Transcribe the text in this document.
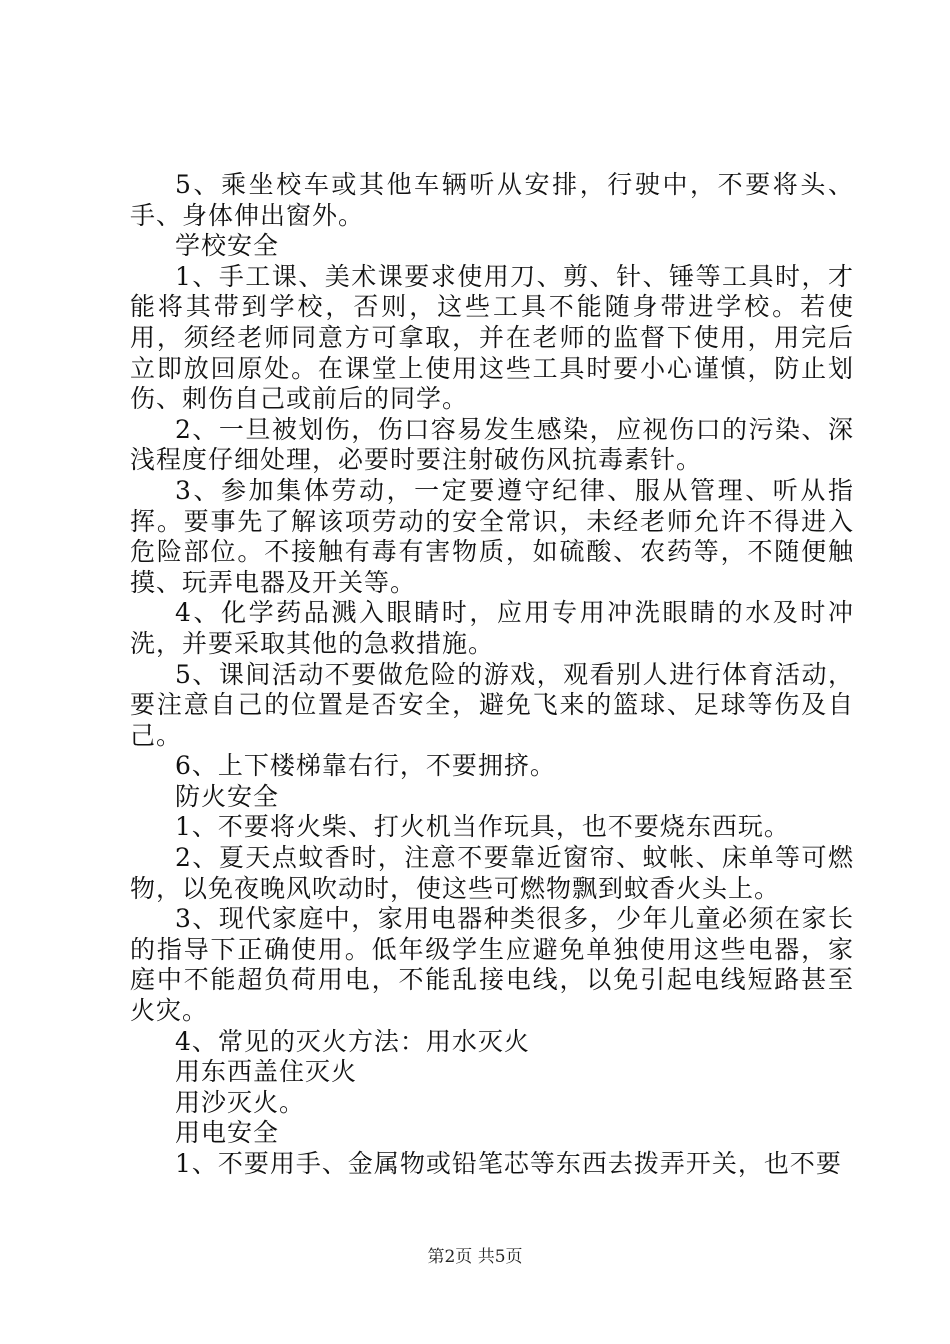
5、乘坐校车或其他车辆听从安排，行驶中，不要将头、手、身体伸出窗外。

学校安全

1、手工课、美术课要求使用刀、剪、针、锤等工具时，才能将其带到学校，否则，这些工具不能随身带进学校。若使用，须经老师同意方可拿取，并在老师的监督下使用，用完后立即放回原处。在课堂上使用这些工具时要小心谨慎，防止划伤、刺伤自己或前后的同学。

2、一旦被划伤，伤口容易发生感染，应视伤口的污染、深浅程度仔细处理，必要时要注射破伤风抗毒素针。

3、参加集体劳动，一定要遵守纪律、服从管理、听从指挥。要事先了解该项劳动的安全常识，未经老师允许不得进入危险部位。不接触有毒有害物质，如硫酸、农药等，不随便触摸、玩弄电器及开关等。

4、化学药品溅入眼睛时，应用专用冲洗眼睛的水及时冲洗，并要采取其他的急救措施。

5、课间活动不要做危险的游戏，观看别人进行体育活动，要注意自己的位置是否安全，避免飞来的篮球、足球等伤及自己。

6、上下楼梯靠右行，不要拥挤。

防火安全

1、不要将火柴、打火机当作玩具，也不要烧东西玩。

2、夏天点蚊香时，注意不要靠近窗帘、蚊帐、床单等可燃物，以免夜晚风吹动时，使这些可燃物飘到蚊香火头上。

3、现代家庭中，家用电器种类很多，少年儿童必须在家长的指导下正确使用。低年级学生应避免单独使用这些电器，家庭中不能超负荷用电，不能乱接电线，以免引起电线短路甚至火灾。

4、常见的灭火方法：用水灭火

用东西盖住灭火

用沙灭火。

用电安全

1、不要用手、金属物或铅笔芯等东西去拨弄开关，也不要

第2页 共5页
